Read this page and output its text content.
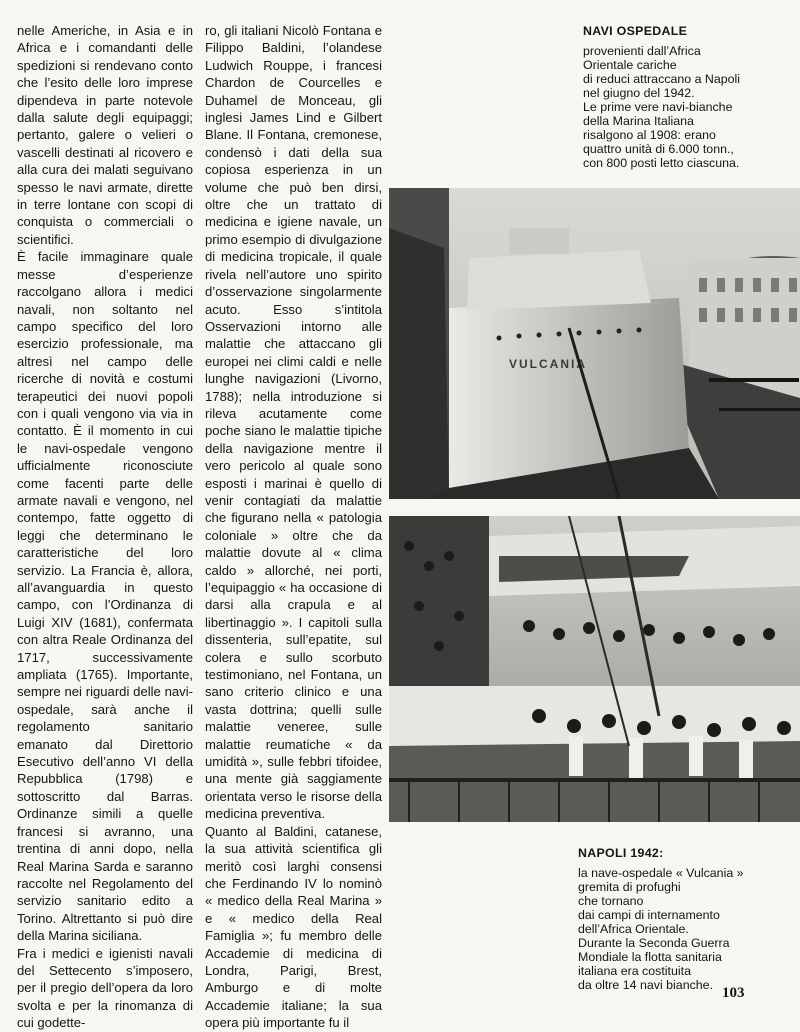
nelle Americhe, in Asia e in Africa e i comandanti delle spedizioni si rendevano conto che l’esito delle loro imprese dipendeva in parte notevole dalla salute degli equipaggi; pertanto, galere o velieri o vascelli destinati al ricovero e alla cura dei malati seguivano spesso le navi armate, dirette in terre lontane con scopi di conquista o commerciali o scientifici.

È facile immaginare quale messe d’esperienze raccolgano allora i medici navali, non soltanto nel campo specifico del loro esercizio professionale, ma altresì nel campo delle ricerche di novità e costumi terapeutici dei nuovi popoli con i quali vengono via via in contatto. È il momento in cui le navi-ospedale vengono ufficialmente riconosciute come facenti parte delle armate navali e vengono, nel contempo, fatte oggetto di leggi che determinano le caratteristiche del loro servizio. La Francia è, allora, all’avanguardia in questo campo, con l’Ordinanza di Luigi XIV (1681), confermata con altra Reale Ordinanza del 1717, successivamente ampliata (1765). Importante, sempre nei riguardi delle navi-ospedale, sarà anche il regolamento sanitario emanato dal Direttorio Esecutivo dell’anno VI della Repubblica (1798) e sottoscritto dal Barras. Ordinanze simili a quelle francesi si avranno, una trentina di anni dopo, nella Real Marina Sarda e saranno raccolte nel Regolamento del servizio sanitario edito a Torino. Altrettanto si può dire della Marina siciliana.

Fra i medici e igienisti navali del Settecento s’imposero, per il pregio dell’opera da loro svolta e per la rinomanza di cui godette-

ro, gli italiani Nicolò Fontana e Filippo Baldini, l’olandese Ludwich Rouppe, i francesi Chardon de Courcelles e Duhamel de Monceau, gli inglesi James Lind e Gilbert Blane. Il Fontana, cremonese, condensò i dati della sua copiosa esperienza in un volume che può ben dirsi, oltre che un trattato di medicina e igiene navale, un primo esempio di divulgazione di medicina tropicale, il quale rivela nell’autore uno spirito d’osservazione singolarmente acuto. Esso s’intitola Osservazioni intorno alle malattie che attaccano gli europei nei climi caldi e nelle lunghe navigazioni (Livorno, 1788); nella introduzione si rileva acutamente come poche siano le malattie tipiche della navigazione mentre il vero pericolo al quale sono esposti i marinai è quello di venir contagiati da malattie che figurano nella « patologia coloniale » oltre che da malattie dovute al « clima caldo » allorché, nei porti, l’equipaggio « ha occasione di darsi alla crapula e al libertinaggio ». I capitoli sulla dissenteria, sull’epatite, sul colera e sullo scorbuto testimoniano, nel Fontana, un sano criterio clinico e una vasta dottrina; quelli sulle malattie veneree, sulle malattie reumatiche « da umidità », sulle febbri tifoidee, una mente già saggiamente orientata verso le risorse della medicina preventiva.

Quanto al Baldini, catanese, la sua attività scientifica gli meritò così larghi consensi che Ferdinando IV lo nominò « medico della Real Marina » e « medico della Real Famiglia »; fu membro delle Accademie di medicina di Londra, Parigi, Brest, Amburgo e di molte Accademie italiane; la sua opera più importante fu il

NAVI OSPEDALE
provenienti dall’Africa
Orientale cariche
di reduci attraccano a Napoli
nel giugno del 1942.
Le prime vere navi-bianche
della Marina Italiana
risalgono al 1908: erano
quattro unità di 6.000 tonn.,
con 800 posti letto ciascuna.
VULCANIA
NAPOLI 1942:
la nave-ospedale « Vulcania »
gremita di profughi
che tornano
dai campi di internamento
dell’Africa Orientale.
Durante la Seconda Guerra
Mondiale la flotta sanitaria
italiana era costituita
da oltre 14 navi bianche. 103
